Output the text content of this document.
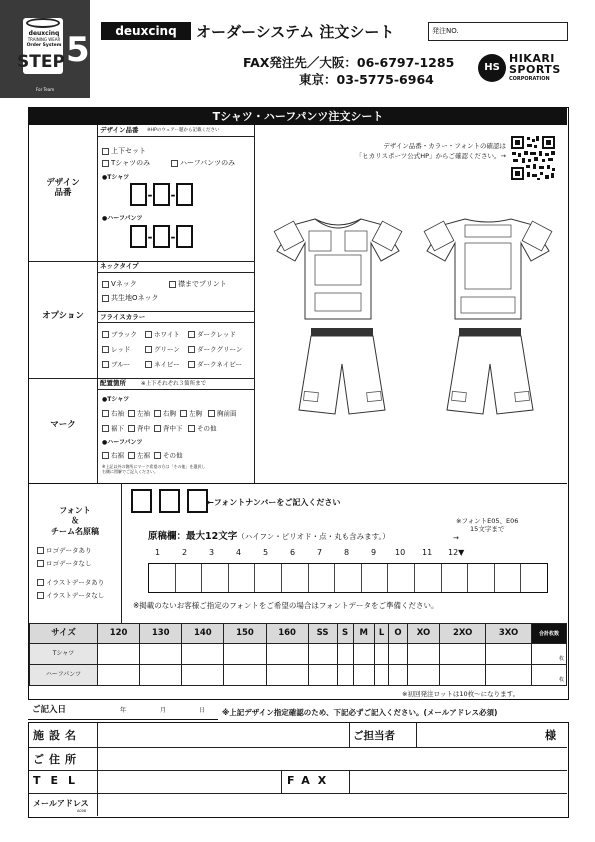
deuxcinq
TRAINING WEAR
Order System
STEP 5
For Team
deuxcinq	オーダーシステム 注文シート	発注NO.
FAX発注先／大阪：06-6797-1285
東京：03-5775-6964
HS
HIKARI
SPORTS
CORPORATION
Tシャツ・ハーフパンツ注文シート
デザイン
品番
デザイン品番 ※HPのウェアー題から記載ください
上下セット
Tシャツのみ	ハーフパンツのみ
●Tシャツ
- -
●ハーフパンツ
- -
オプション
ネックタイプ
Vネック	襟までプリント
共生地Oネック
フライスカラー
ブラック	ホワイト	ダークレッド
レッド	グリーン	ダークグリーン
ブルー	ネイビー	ダークネイビー
マーク
配置箇所	※上下それぞれ３箇所まで
●Tシャツ
右袖	左袖	右胸	左胸	胸前面
裾下	背中	背中下	その他
●ハーフパンツ
右裾	左裾	その他
※上記以外の箇所にマーク希望の方は「その他」を選択し
右側に図解でご記入ください。
デザイン品番・カラー・フォントの確認は
「ヒカリスポーツ公式HP」からご確認ください。→
フォント
＆
チーム名原稿
ロゴデータあり
ロゴデータなし
イラストデータあり
イラストデータなし

←フォントナンバーをご記入ください
原稿欄：最大12文字（ハイフン・ピリオド・点・丸も含みます。）
※フォントE05、E06
15文字まで
→
1	2	3	4	5	6	7	8	9 10 11 12▼
※掲載のないお客様ご指定のフォントをご希望の場合はフォントデータをご準備ください。
サイズ	120	130	140	150	160	SS	S	M	L	O	XO	2XO	3XO	合計枚数
Tシャツ														枚
ハーフパンツ														枚
※初回発注ロットは10枚〜になります。
ご記入日	年	月	日 ※上記デザイン指定確認のため、下記必ずご記入ください。(メールアドレス必須)
施設名	ご担当者	様
ご住所
TEL	FAX
メールアドレス
A008
